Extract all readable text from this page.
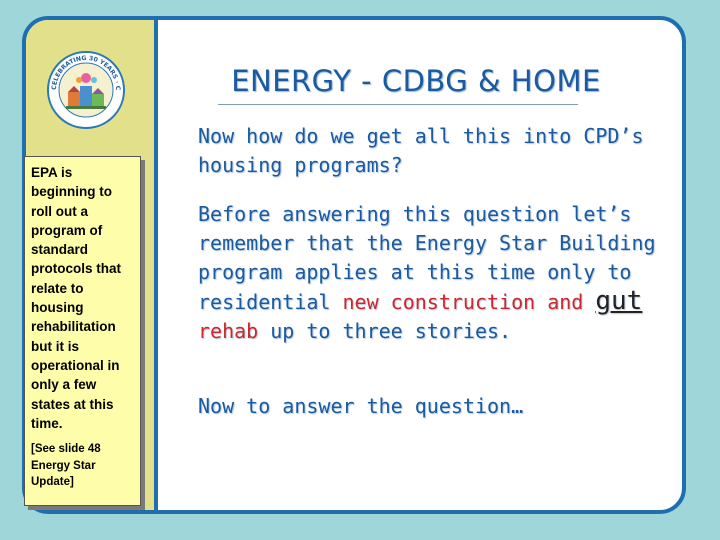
CELEBRATING 30 YEARS · C	ENERGY - CDBG & HOME
Now how do we get all this into CPD’s housing programs?
Before answering this question let’s remember that the Energy Star Building program applies at this time only to residential new construction and gut rehab up to three stories.
Now to answer the question…
EPA is beginning to roll out a program of standard protocols that relate to housing rehabilitation but it is operational in only a few states at this time.
[See slide 48 Energy Star Update]
